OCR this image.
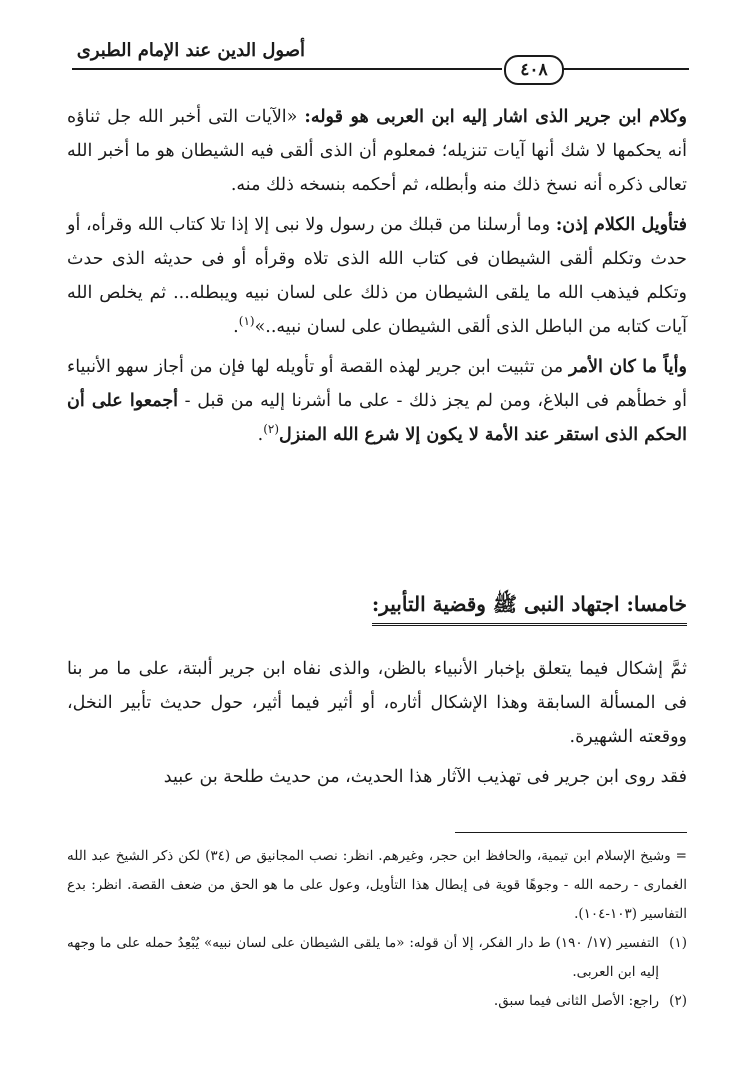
أصول الدين عند الإمام الطبرى
٤٠٨

وكلام ابن جرير الذى اشار إليه ابن العربى هو قوله: «الآيات التى أخبر الله جل ثناؤه أنه يحكمها لا شك أنها آيات تنزيله؛ فمعلوم أن الذى ألقى فيه الشيطان هو ما أخبر الله تعالى ذكره أنه نسخ ذلك منه وأبطله، ثم أحكمه بنسخه ذلك منه.

فتأويل الكلام إذن: وما أرسلنا من قبلك من رسول ولا نبى إلا إذا تلا كتاب الله وقرأه، أو حدث وتكلم ألقى الشيطان فى كتاب الله الذى تلاه وقرأه أو فى حديثه الذى حدث وتكلم فيذهب الله ما يلقى الشيطان من ذلك على لسان نبيه ويبطله... ثم يخلص الله آيات كتابه من الباطل الذى ألقى الشيطان على لسان نبيه..»$^{(١)}$.

وأياً ما كان الأمر من تثبيت ابن جرير لهذه القصة أو تأويله لها فإن من أجاز سهو الأنبياء أو خطأهم فى البلاغ، ومن لم يجز ذلك - على ما أشرنا إليه من قبل - أجمعوا على أن الحكم الذى استقر عند الأمة لا يكون إلا شرع الله المنزل$^{(٢)}$.

خامسا: اجتهاد النبى ﷺ وقضية التأبير:

ثمَّ إشكال فيما يتعلق بإخبار الأنبياء بالظن، والذى نفاه ابن جرير ألبتة، على ما مر بنا فى المسألة السابقة وهذا الإشكال أثاره، أو أثير فيما أثير، حول حديث تأبير النخل، ووقعته الشهيرة.

فقد روى ابن جرير فى تهذيب الآثار هذا الحديث، من حديث طلحة بن عبيد

= وشيخ الإسلام ابن تيمية، والحافظ ابن حجر، وغيرهم. انظر: نصب المجانيق ص (٣٤) لكن ذكر الشيخ عبد الله الغمارى - رحمه الله - وجوهًا قوية فى إبطال هذا التأويل، وعول على ما هو الحق من ضعف القصة. انظر: بدع التفاسير (١٠٣-١٠٤).
(١)
التفسير (١٧/ ١٩٠) ط دار الفكر، إلا أن قوله: «ما يلقى الشيطان على لسان نبيه» يُبْعِدُ حمله على ما وجهه إليه ابن العربى.
(٢)
راجع: الأصل الثانى فيما سبق.
